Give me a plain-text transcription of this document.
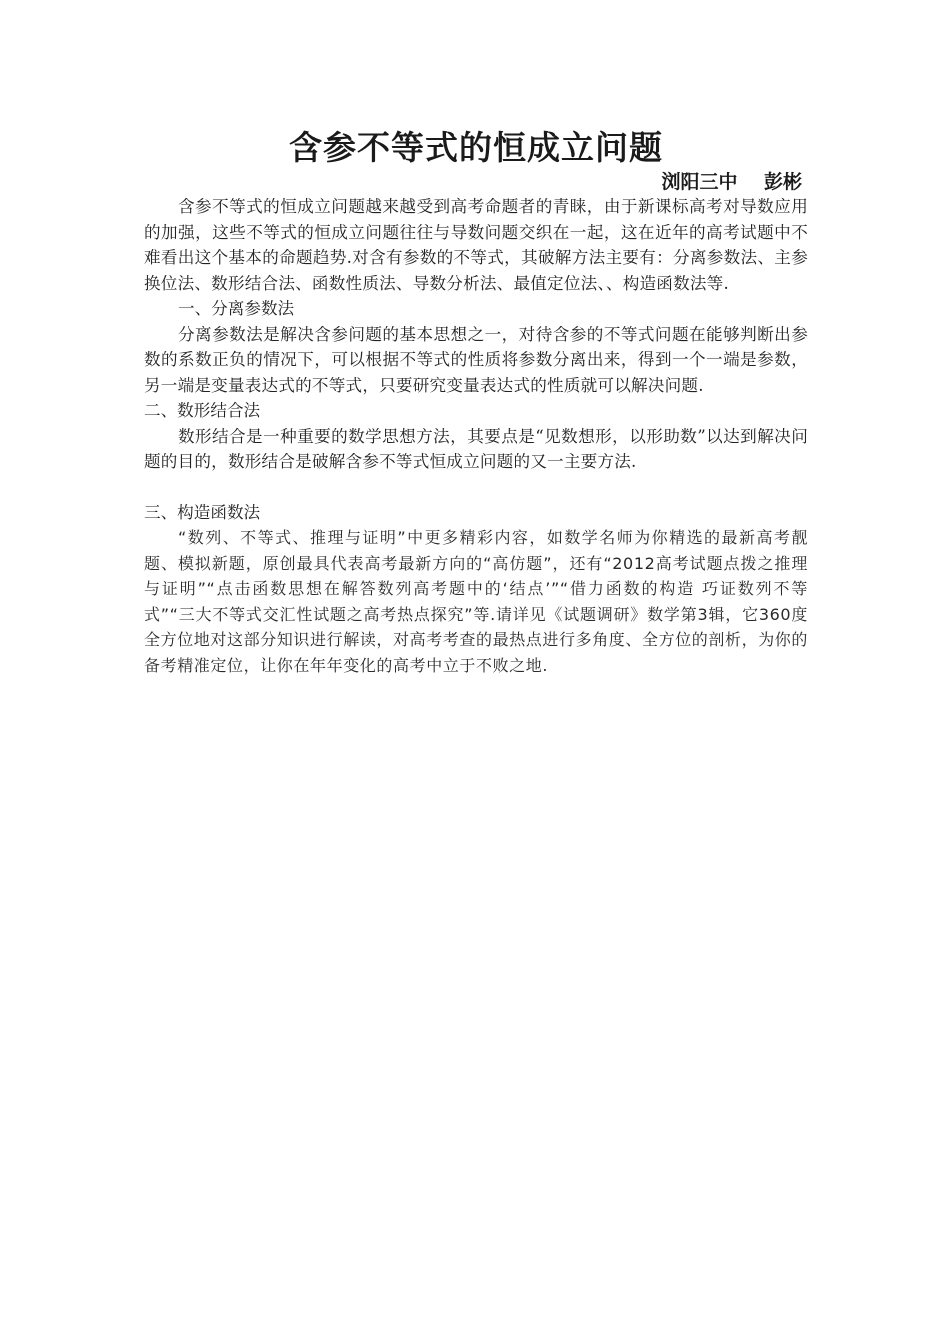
含参不等式的恒成立问题

浏阳三中    彭彬

含参不等式的恒成立问题越来越受到高考命题者的青睐，由于新课标高考对导数应用的加强，这些不等式的恒成立问题往往与导数问题交织在一起，这在近年的高考试题中不难看出这个基本的命题趋势.对含有参数的不等式，其破解方法主要有：分离参数法、主参换位法、数形结合法、函数性质法、导数分析法、最值定位法、、构造函数法等.

一、分离参数法

分离参数法是解决含参问题的基本思想之一，对待含参的不等式问题在能够判断出参数的系数正负的情况下，可以根据不等式的性质将参数分离出来，得到一个一端是参数，另一端是变量表达式的不等式，只要研究变量表达式的性质就可以解决问题.

二、数形结合法

数形结合是一种重要的数学思想方法，其要点是“见数想形，以形助数”以达到解决问题的目的，数形结合是破解含参不等式恒成立问题的又一主要方法.

三、构造函数法

“数列、不等式、推理与证明”中更多精彩内容，如数学名师为你精选的最新高考靓题、模拟新题，原创最具代表高考最新方向的“高仿题”，还有“2012高考试题点拨之推理与证明”“点击函数思想在解答数列高考题中的‘结点’”“借力函数的构造 巧证数列不等式”“三大不等式交汇性试题之高考热点探究”等.请详见《试题调研》数学第3辑，它360度全方位地对这部分知识进行解读，对高考考查的最热点进行多角度、全方位的剖析，为你的备考精准定位，让你在年年变化的高考中立于不败之地.
